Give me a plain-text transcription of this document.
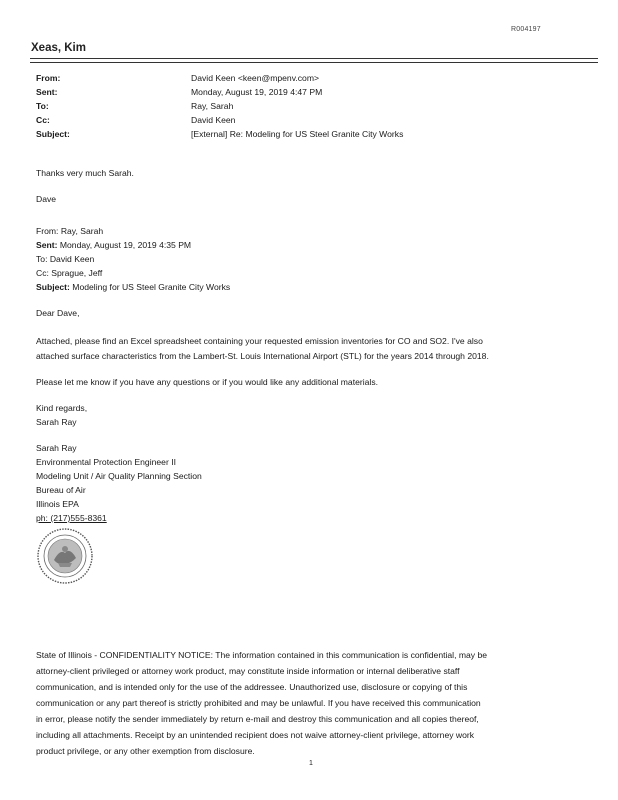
R004197
Xeas, Kim
From:	David Keen <keen@mpenv.com>
Sent:	Monday, August 19, 2019 4:47 PM
To:	Ray, Sarah
Cc:	David Keen
Subject:	[External] Re: Modeling for US Steel Granite City Works
Thanks very much Sarah.
Dave
From: Ray, Sarah
Sent: Monday, August 19, 2019 4:35 PM
To: David Keen
Cc: Sprague, Jeff
Subject: Modeling for US Steel Granite City Works
Dear Dave,
Attached, please find an Excel spreadsheet containing your requested emission inventories for CO and SO2. I've also
attached surface characteristics from the Lambert-St. Louis International Airport (STL) for the years 2014 through 2018.
Please let me know if you have any questions or if you would like any additional materials.
Kind regards,
Sarah Ray
Sarah Ray
Environmental Protection Engineer II
Modeling Unit / Air Quality Planning Section
Bureau of Air
Illinois EPA
ph: (217)555-8361
State of Illinois - CONFIDENTIALITY NOTICE: The information contained in this communication is confidential, may be
attorney-client privileged or attorney work product, may constitute inside information or internal deliberative staff
communication, and is intended only for the use of the addressee. Unauthorized use, disclosure or copying of this
communication or any part thereof is strictly prohibited and may be unlawful. If you have received this communication
in error, please notify the sender immediately by return e-mail and destroy this communication and all copies thereof,
including all attachments. Receipt by an unintended recipient does not waive attorney-client privilege, attorney work
product privilege, or any other exemption from disclosure.
1
